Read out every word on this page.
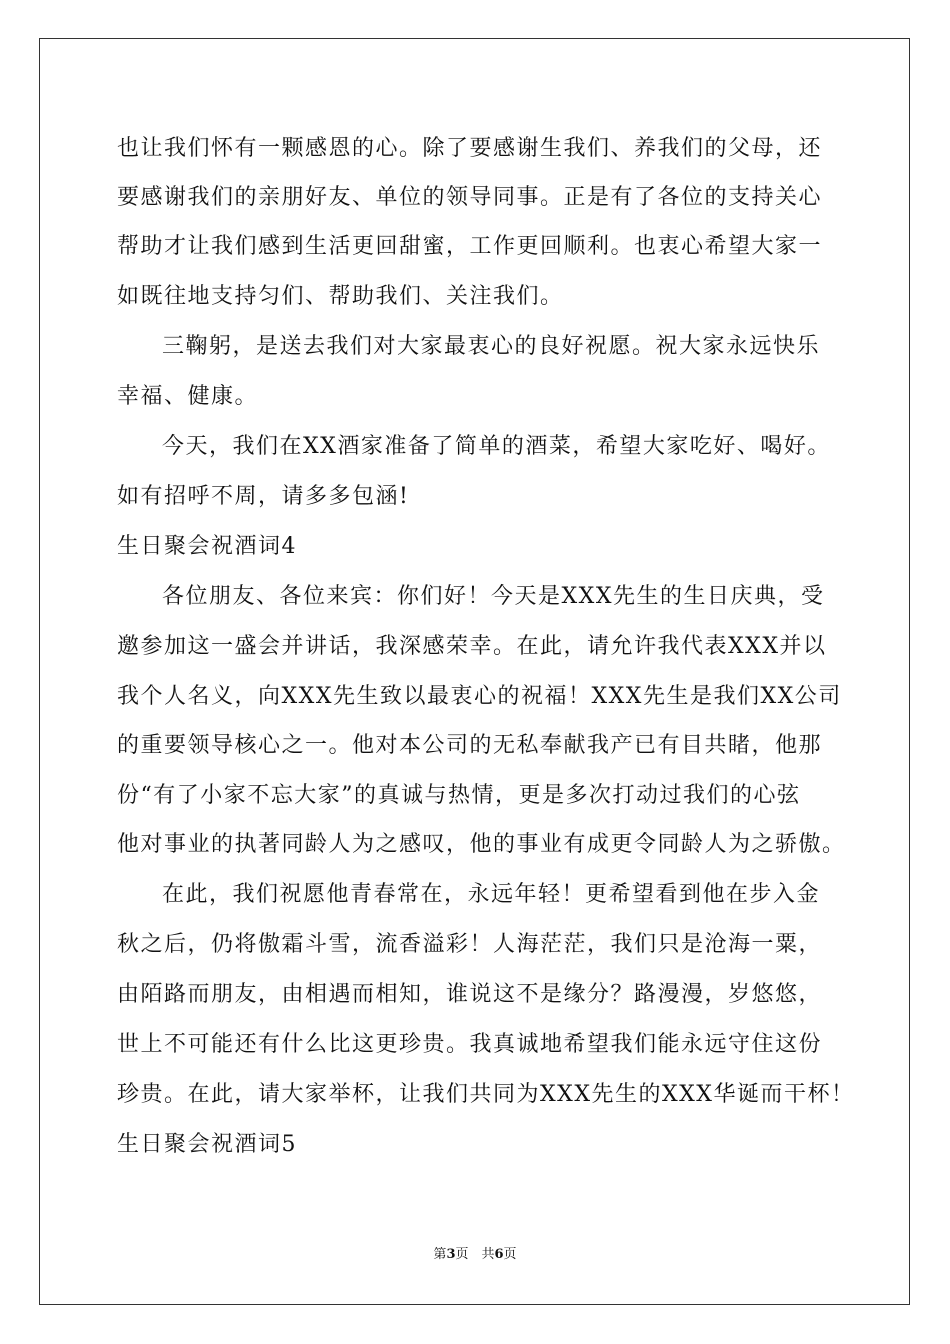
也让我们怀有一颗感恩的心。除了要感谢生我们、养我们的父母，还
要感谢我们的亲朋好友、单位的领导同事。正是有了各位的支持关心
帮助才让我们感到生活更回甜蜜，工作更回顺利。也衷心希望大家一
如既往地支持匀们、帮助我们、关注我们。
三鞠躬，是送去我们对大家最衷心的良好祝愿。祝大家永远快乐
幸福、健康。
今天，我们在XX酒家准备了简单的酒菜，希望大家吃好、喝好。
如有招呼不周，请多多包涵!
生日聚会祝酒词4
各位朋友、各位来宾：你们好！今天是XXX先生的生日庆典，受
邀参加这一盛会并讲话，我深感荣幸。在此，请允许我代表XXX并以
我个人名义，向XXX先生致以最衷心的祝福！XXX先生是我们XX公司
的重要领导核心之一。他对本公司的无私奉献我产已有目共睹，他那
份“有了小家不忘大家”的真诚与热情，更是多次打动过我们的心弦
他对事业的执著同龄人为之感叹，他的事业有成更令同龄人为之骄傲。
在此，我们祝愿他青春常在，永远年轻！更希望看到他在步入金
秋之后，仍将傲霜斗雪，流香溢彩！人海茫茫，我们只是沧海一粟，
由陌路而朋友，由相遇而相知，谁说这不是缘分？路漫漫，岁悠悠，
世上不可能还有什么比这更珍贵。我真诚地希望我们能永远守住这份
珍贵。在此，请大家举杯，让我们共同为XXX先生的XXX华诞而干杯！
生日聚会祝酒词5
第3页　共6页
